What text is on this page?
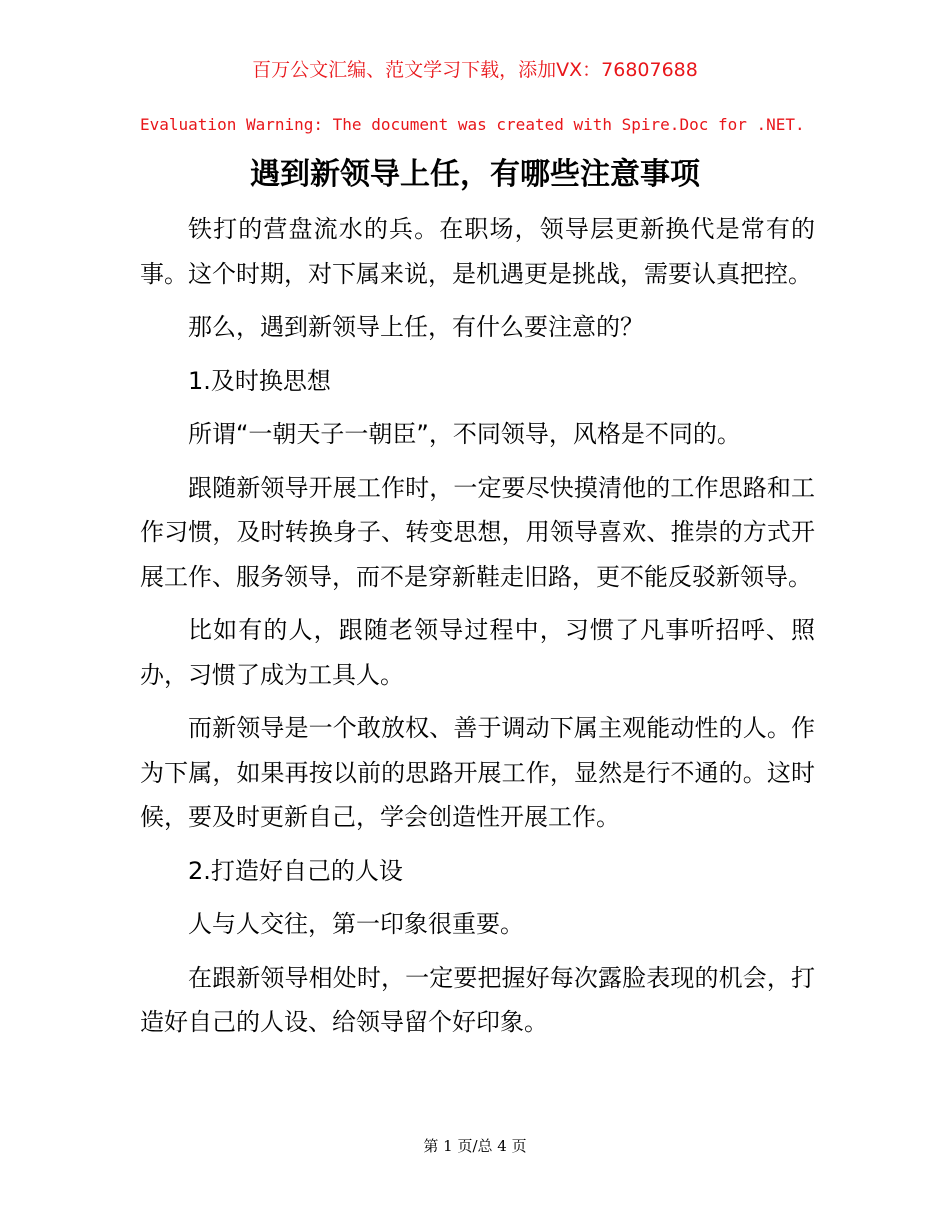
百万公文汇编、范文学习下载，添加VX：76807688
Evaluation Warning: The document was created with Spire.Doc for .NET.
遇到新领导上任，有哪些注意事项

铁打的营盘流水的兵。在职场，领导层更新换代是常有的事。这个时期，对下属来说，是机遇更是挑战，需要认真把控。

那么，遇到新领导上任，有什么要注意的？

1.及时换思想

所谓“一朝天子一朝臣”，不同领导，风格是不同的。

跟随新领导开展工作时，一定要尽快摸清他的工作思路和工作习惯，及时转换身子、转变思想，用领导喜欢、推崇的方式开展工作、服务领导，而不是穿新鞋走旧路，更不能反驳新领导。

比如有的人，跟随老领导过程中，习惯了凡事听招呼、照办，习惯了成为工具人。

而新领导是一个敢放权、善于调动下属主观能动性的人。作为下属，如果再按以前的思路开展工作，显然是行不通的。这时候，要及时更新自己，学会创造性开展工作。

2.打造好自己的人设

人与人交往，第一印象很重要。

在跟新领导相处时，一定要把握好每次露脸表现的机会，打造好自己的人设、给领导留个好印象。

第 1 页/总 4 页
